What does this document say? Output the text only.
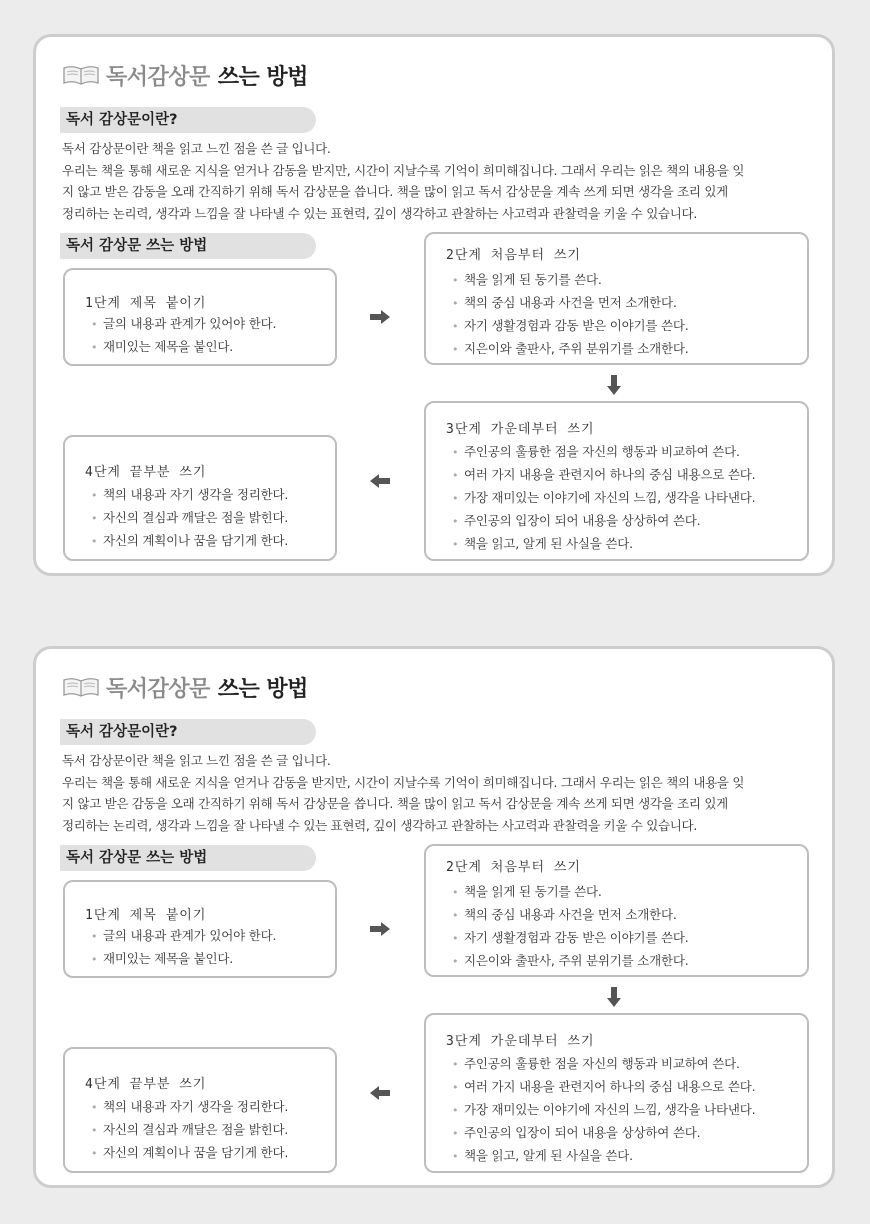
독서감상문 쓰는 방법
독서 감상문이란?

독서 감상문이란 책을 읽고 느낀 점을 쓴 글 입니다.

우리는 책을 통해 새로운 지식을 얻거나 감동을 받지만, 시간이 지날수록 기억이 희미해집니다. 그래서 우리는 읽은 책의 내용을 잊

지 않고 받은 감동을 오래 간직하기 위해 독서 감상문을 씁니다. 책을 많이 읽고 독서 감상문을 계속 쓰게 되면 생각을 조리 있게

정리하는 논리력, 생각과 느낌을 잘 나타낼 수 있는 표현력, 깊이 생각하고 관찰하는 사고력과 관찰력을 키울 수 있습니다.

독서 감상문 쓰는 방법
1단계 제목 붙이기
• 글의 내용과 관계가 있어야 한다.
• 재미있는 제목을 붙인다.
2단계 처음부터 쓰기
• 책을 읽게 된 동기를 쓴다.
• 책의 중심 내용과 사건을 먼저 소개한다.
• 자기 생활경험과 감동 받은 이야기를 쓴다.
• 지은이와 출판사, 주위 분위기를 소개한다.
3단계 가운데부터 쓰기
• 주인공의 훌륭한 점을 자신의 행동과 비교하여 쓴다.
• 여러 가지 내용을 관련지어 하나의 중심 내용으로 쓴다.
• 가장 재미있는 이야기에 자신의 느낌, 생각을 나타낸다.
• 주인공의 입장이 되어 내용을 상상하여 쓴다.
• 책을 읽고, 알게 된 사실을 쓴다.
4단계 끝부분 쓰기
• 책의 내용과 자기 생각을 정리한다.
• 자신의 결심과 깨달은 점을 밝힌다.
• 자신의 계획이나 꿈을 담기게 한다.
독서감상문 쓰는 방법
독서 감상문이란?

독서 감상문이란 책을 읽고 느낀 점을 쓴 글 입니다.

우리는 책을 통해 새로운 지식을 얻거나 감동을 받지만, 시간이 지날수록 기억이 희미해집니다. 그래서 우리는 읽은 책의 내용을 잊

지 않고 받은 감동을 오래 간직하기 위해 독서 감상문을 씁니다. 책을 많이 읽고 독서 감상문을 계속 쓰게 되면 생각을 조리 있게

정리하는 논리력, 생각과 느낌을 잘 나타낼 수 있는 표현력, 깊이 생각하고 관찰하는 사고력과 관찰력을 키울 수 있습니다.

독서 감상문 쓰는 방법
1단계 제목 붙이기
• 글의 내용과 관계가 있어야 한다.
• 재미있는 제목을 붙인다.
2단계 처음부터 쓰기
• 책을 읽게 된 동기를 쓴다.
• 책의 중심 내용과 사건을 먼저 소개한다.
• 자기 생활경험과 감동 받은 이야기를 쓴다.
• 지은이와 출판사, 주위 분위기를 소개한다.
3단계 가운데부터 쓰기
• 주인공의 훌륭한 점을 자신의 행동과 비교하여 쓴다.
• 여러 가지 내용을 관련지어 하나의 중심 내용으로 쓴다.
• 가장 재미있는 이야기에 자신의 느낌, 생각을 나타낸다.
• 주인공의 입장이 되어 내용을 상상하여 쓴다.
• 책을 읽고, 알게 된 사실을 쓴다.
4단계 끝부분 쓰기
• 책의 내용과 자기 생각을 정리한다.
• 자신의 결심과 깨달은 점을 밝힌다.
• 자신의 계획이나 꿈을 담기게 한다.
